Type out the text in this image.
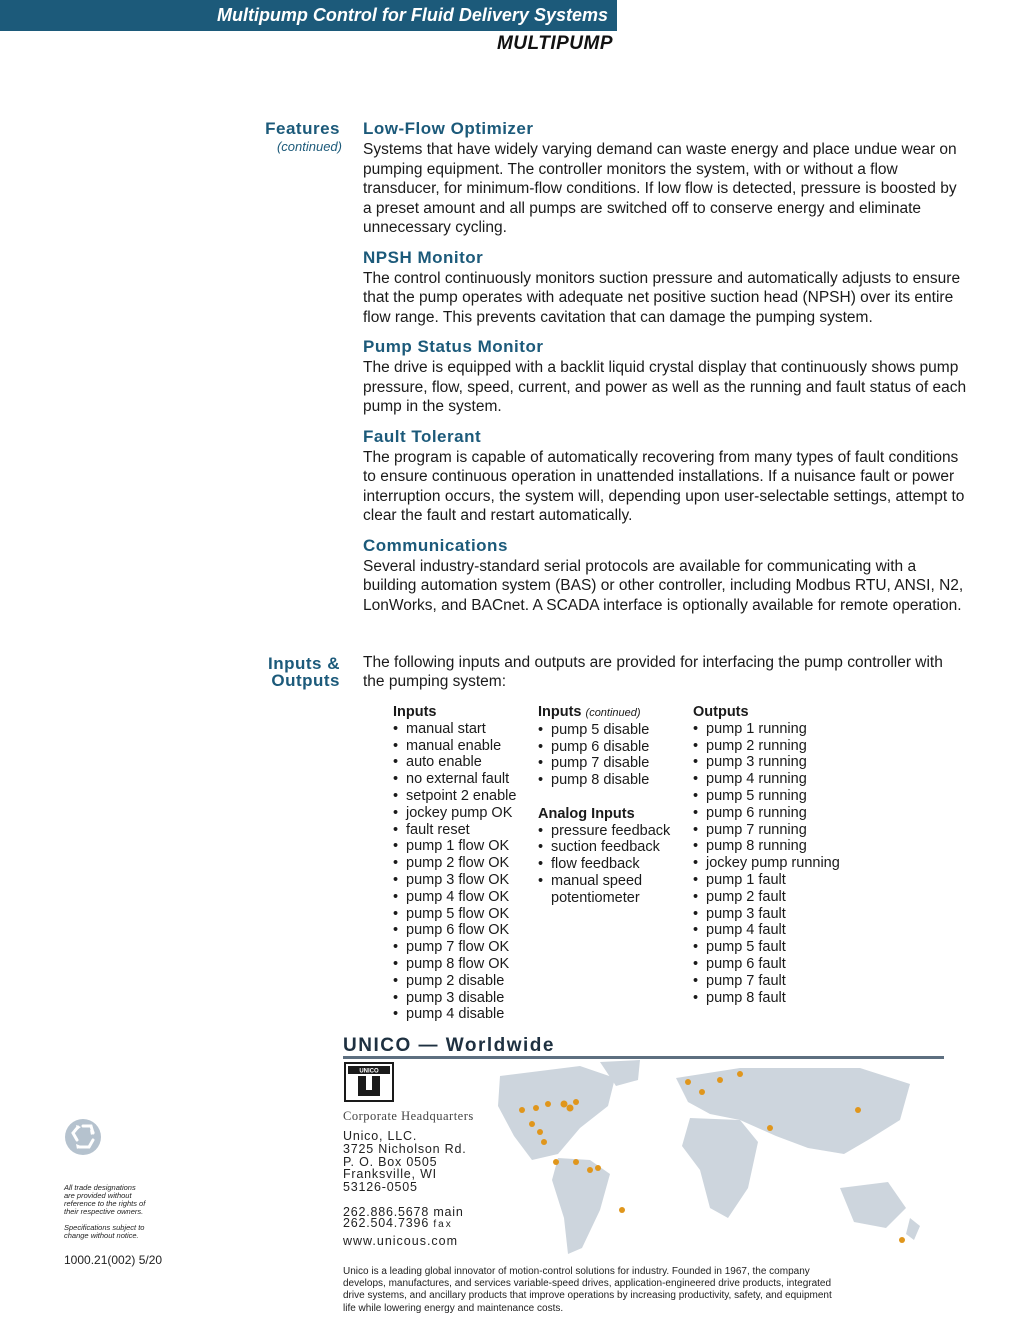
Multipump Control for Fluid Delivery Systems
MULTIPUMP
Features
(continued)
Low-Flow Optimizer

Systems that have widely varying demand can waste energy and place undue wear on pumping equipment. The controller monitors the system, with or without a flow transducer, for minimum-flow conditions. If low flow is detected, pressure is boosted by a preset amount and all pumps are switched off to conserve energy and eliminate unnecessary cycling.

NPSH Monitor

The control continuously monitors suction pressure and automatically adjusts to ensure that the pump operates with adequate net positive suction head (NPSH) over its entire flow range. This prevents cavitation that can damage the pumping system.

Pump Status Monitor

The drive is equipped with a backlit liquid crystal display that continuously shows pump pressure, flow, speed, current, and power as well as the running and fault status of each pump in the system.

Fault Tolerant

The program is capable of automatically recovering from many types of fault conditions to ensure continuous operation in unattended installations. If a nuisance fault or power interruption occurs, the system will, depending upon user-selectable settings, attempt to clear the fault and restart automatically.

Communications

Several industry-standard serial protocols are available for communicating with a building automation system (BAS) or other controller, including Modbus RTU, ANSI, N2, LonWorks, and BACnet. A SCADA interface is optionally available for remote operation.

Inputs &
Outputs
The following inputs and outputs are provided for interfacing the pump controller with the pumping system:
Inputs
• manual start
• manual enable
• auto enable
• no external fault
• setpoint 2 enable
• jockey pump OK
• fault reset
• pump 1 flow OK
• pump 2 flow OK
• pump 3 flow OK
• pump 4 flow OK
• pump 5 flow OK
• pump 6 flow OK
• pump 7 flow OK
• pump 8 flow OK
• pump 2 disable
• pump 3 disable
• pump 4 disable
Inputs (continued)
• pump 5 disable
• pump 6 disable
• pump 7 disable
• pump 8 disable
Analog Inputs
• pressure feedback
• suction feedback
• flow feedback
• manual speed
potentiometer
Outputs
• pump 1 running
• pump 2 running
• pump 3 running
• pump 4 running
• pump 5 running
• pump 6 running
• pump 7 running
• pump 8 running
• jockey pump running
• pump 1 fault
• pump 2 fault
• pump 3 fault
• pump 4 fault
• pump 5 fault
• pump 6 fault
• pump 7 fault
• pump 8 fault
UNICO — Worldwide
UNICO
Corporate Headquarters
Unico, LLC.
3725 Nicholson Rd.
P. O. Box 0505
Franksville, WI
53126-0505
262.886.5678 main
262.504.7396 fax
www.unicous.com
Unico is a leading global innovator of motion-control solutions for industry. Founded in 1967, the company develops, manufactures, and services variable-speed drives, application-engineered drive products, integrated drive systems, and ancillary products that improve operations by increasing productivity, safety, and equipment life while lowering energy and maintenance costs.
All trade designations
are provided without
reference to the rights of
their respective owners.
Specifications subject to
change without notice.
1000.21(002) 5/20
